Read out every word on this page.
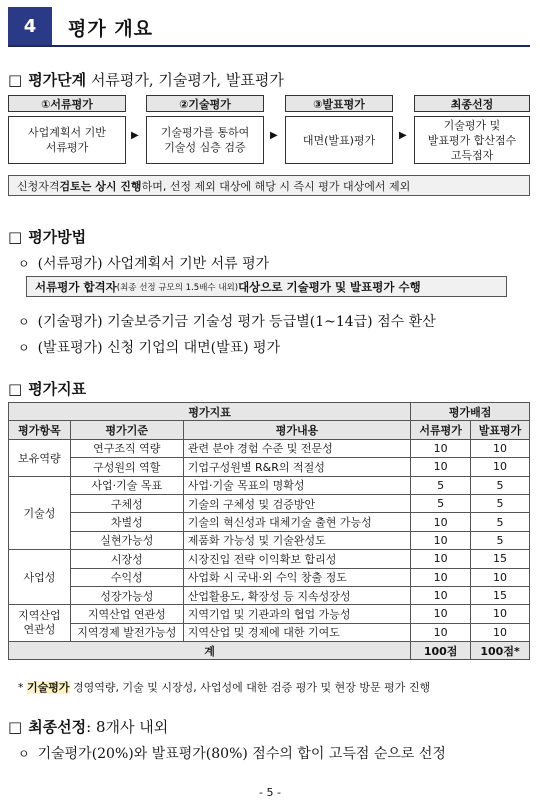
4	평가 개요
□ 평가단계 서류평가, 기술평가, 발표평가
①서류평가
사업계획서 기반
서류평가
▶
②기술평가
기술평가를 통하여
기술성 심층 검증
▶
③발표평가
대면(발표)평가	▶
최종선정
기술평가 및
발표평가 합산점수
고득점자
신청자격 검토는 상시 진행 하며, 선정 제외 대상에 해당 시 즉시 평가 대상에서 제외
□ 평가방법
ㅇ (서류평가) 사업계획서 기반 서류 평가
서류평가 합격자 (최종 선정 규모의 1.5배수 내외) 대상으로 기술평가 및 발표평가 수행
ㅇ (기술평가) 기술보증기금 기술성 평가 등급별(1~14급) 점수 환산
ㅇ (발표평가) 신청 기업의 대면(발표) 평가
□ 평가지표
평가지표			평가배점	
평가항목	평가기준	평가내용	서류평가	발표평가
보유역량	연구조직 역량	관련 분야 경험 수준 및 전문성	10	10
	구성원의 역할	기업구성원별 R&R의 적절성	10	10
기술성	사업·기술 목표	사업·기술 목표의 명확성	5	5
	구체성	기술의 구체성 및 검증방안	5	5
	차별성	기술의 혁신성과 대체기술 출현 가능성	10	5
	실현가능성	제품화 가능성 및 기술완성도	10	5
사업성	시장성	시장진입 전략 이익확보 합리성	10	15
	수익성	사업화 시 국내·외 수익 창출 정도	10	10
	성장가능성	산업활용도, 확장성 등 지속성장성	10	15
지역산업
연관성	지역산업 연관성	지역기업 및 기관과의 협업 가능성	10	10
	지역경제 발전가능성	지역산업 및 경제에 대한 기여도	10	10
계			100점	100점*
* 기술평가 경영역량, 기술 및 시장성, 사업성에 대한 검증 평가 및 현장 방문 평가 진행
□ 최종선정: 8개사 내외
ㅇ 기술평가(20%)와 발표평가(80%) 점수의 합이 고득점 순으로 선정
- 5 -
